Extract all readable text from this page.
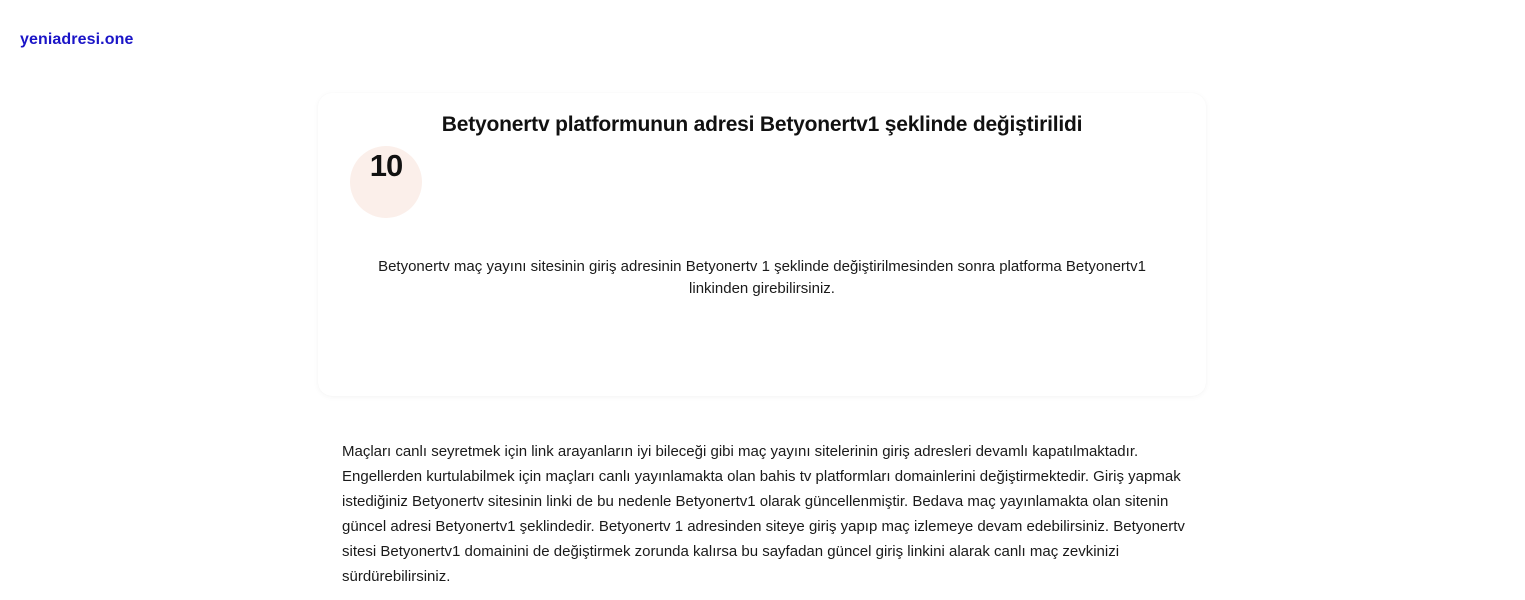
yeniadresi.one
Betyonertv platformunun adresi Betyonertv1 şeklinde değiştirilidi
10

Betyonertv maç yayını sitesinin giriş adresinin Betyonertv 1 şeklinde değiştirilmesinden sonra platforma Betyonertv1 linkinden girebilirsiniz.

Maçları canlı seyretmek için link arayanların iyi bileceği gibi maç yayını sitelerinin giriş adresleri devamlı kapatılmaktadır. Engellerden kurtulabilmek için maçları canlı yayınlamakta olan bahis tv platformları domainlerini değiştirmektedir. Giriş yapmak istediğiniz Betyonertv sitesinin linki de bu nedenle Betyonertv1 olarak güncellenmiştir. Bedava maç yayınlamakta olan sitenin güncel adresi Betyonertv1 şeklindedir. Betyonertv 1 adresinden siteye giriş yapıp maç izlemeye devam edebilirsiniz. Betyonertv sitesi Betyonertv1 domainini de değiştirmek zorunda kalırsa bu sayfadan güncel giriş linkini alarak canlı maç zevkinizi sürdürebilirsiniz.
